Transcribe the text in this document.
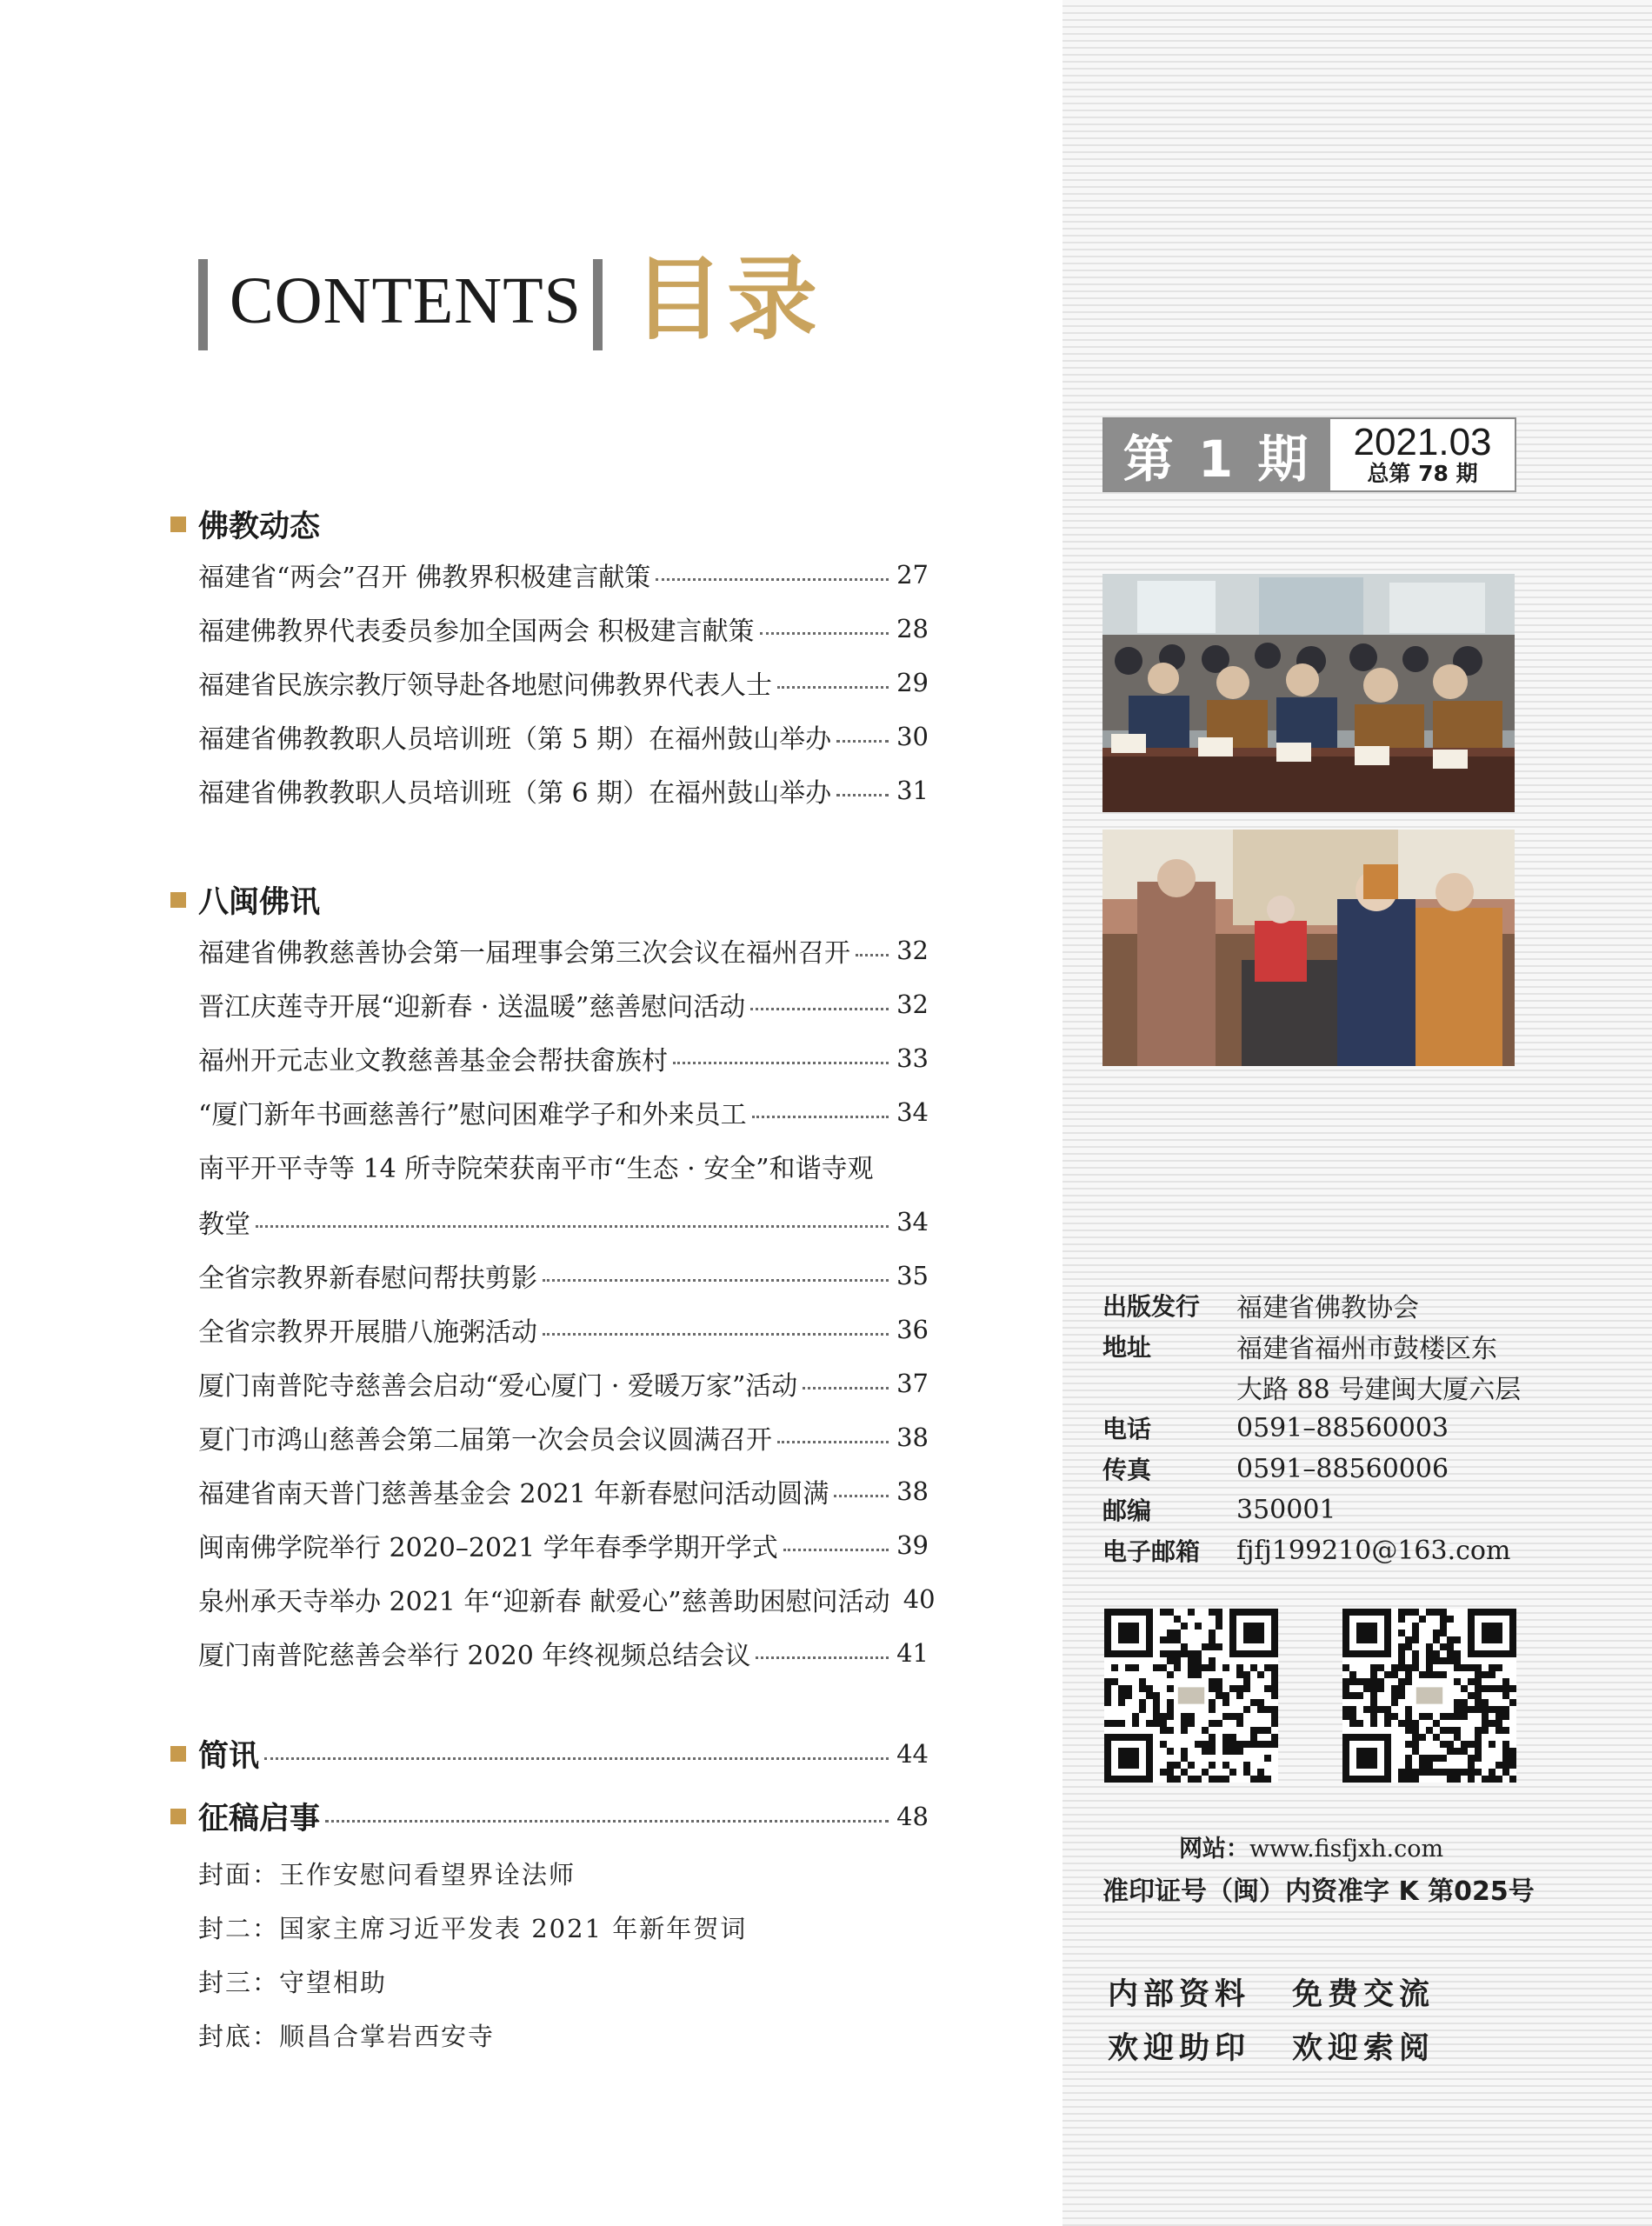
CONTENTS 目录
第 1 期	2021.03
总第 78 期
佛教动态
福建省“两会”召开 佛教界积极建言献策	27
福建佛教界代表委员参加全国两会 积极建言献策	28
福建省民族宗教厅领导赴各地慰问佛教界代表人士	29
福建省佛教教职人员培训班（第 5 期）在福州鼓山举办	30
福建省佛教教职人员培训班（第 6 期）在福州鼓山举办	31
八闽佛讯
福建省佛教慈善协会第一届理事会第三次会议在福州召开 32
晋江庆莲寺开展“迎新春 · 送温暖”慈善慰问活动	32
福州开元志业文教慈善基金会帮扶畲族村	33
“厦门新年书画慈善行”慰问困难学子和外来员工	34
南平开平寺等 14 所寺院荣获南平市“生态 · 安全”和谐寺观
教堂	34
全省宗教界新春慰问帮扶剪影	35
全省宗教界开展腊八施粥活动	36
厦门南普陀寺慈善会启动“爱心厦门 · 爱暖万家”活动	37
夏门市鸿山慈善会第二届第一次会员会议圆满召开	38
福建省南天普门慈善基金会 2021 年新春慰问活动圆满	38
闽南佛学院举行 2020–2021 学年春季学期开学式	39
泉州承天寺举办 2021 年“迎新春 献爱心”慈善助困慰问活动 40
厦门南普陀慈善会举行 2020 年终视频总结会议	41
简讯	44
征稿启事	48
封面：王作安慰问看望界诠法师
封二：国家主席习近平发表 2021 年新年贺词
封三：守望相助
封底：顺昌合掌岩西安寺
出版发行 福建省佛教协会
地址	福建省福州市鼓楼区东
大路 88 号建闽大厦六层
电话	0591–88560003
传真	0591–88560006
邮编	350001
电子邮箱 fjfj199210@163.com
网站：www.fisfjxh.com
准印证号（闽）内资准字 K 第025号
内部资料 免费交流
欢迎助印 欢迎索阅
